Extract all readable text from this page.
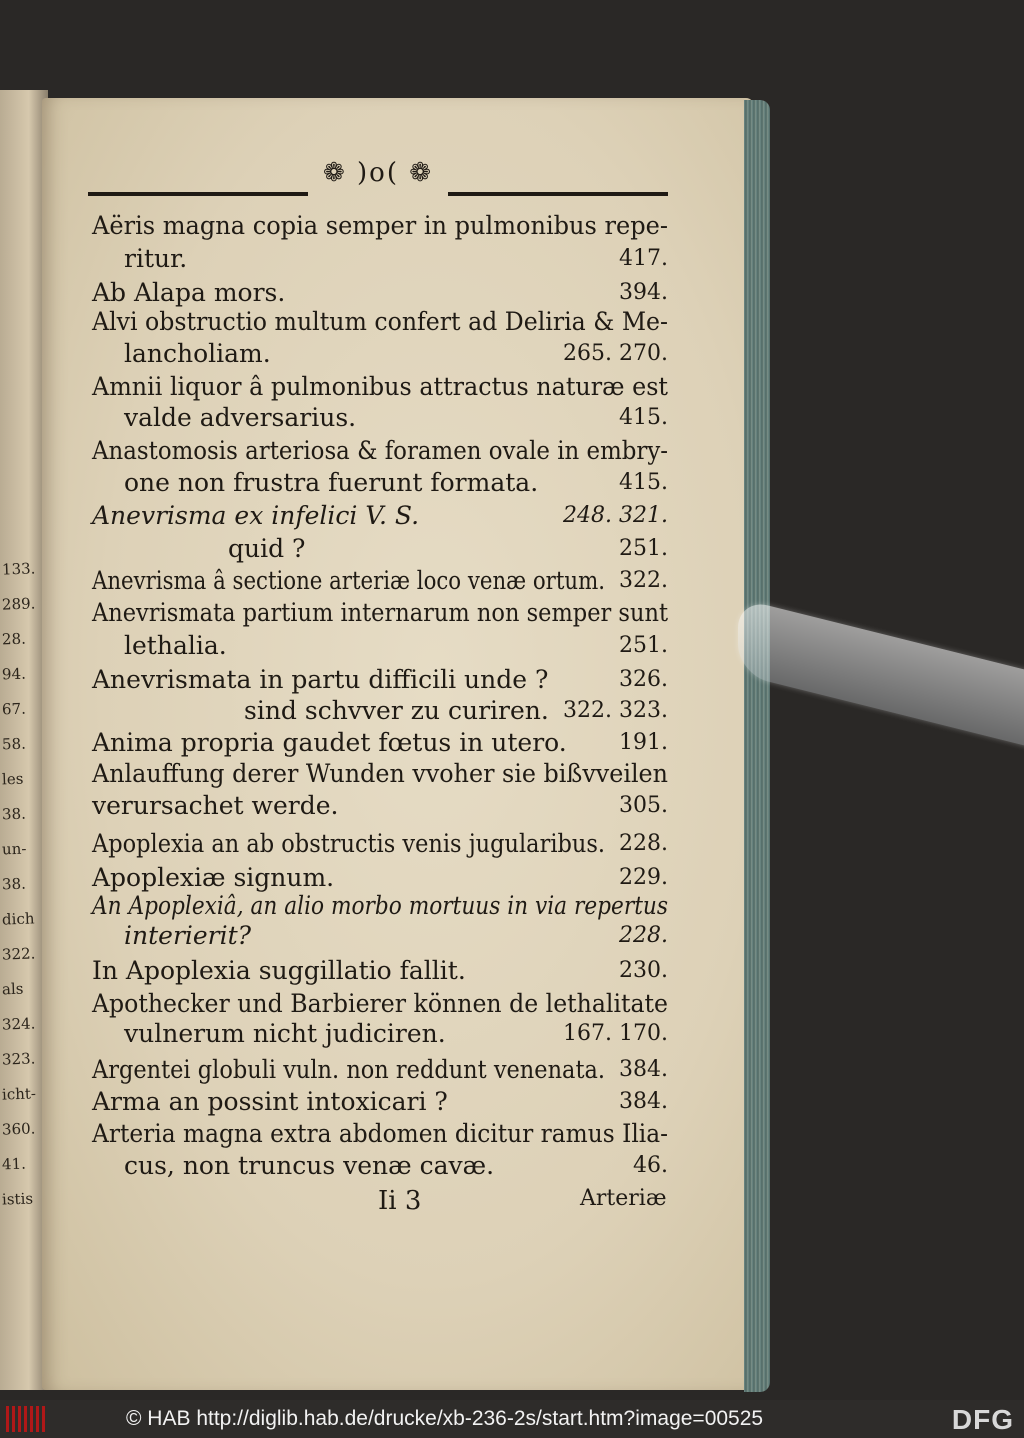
133.
289.
28.
94.
67.
58.
les
38.
un-
38.
dich
322.
als
324.
323.
icht-
360.
41.
istis
❁ )o( ❁
Aëris magna copia semper in pulmonibus repe-
ritur.	417.
Ab Alapa mors.	394.
Alvi obstructio multum confert ad Deliria & Me-
lancholiam.	265. 270.
Amnii liquor â pulmonibus attractus naturæ est
valde adversarius.	415.
Anastomosis arteriosa & foramen ovale in embry-
one non frustra fuerunt formata.	415.
Anevrisma ex infelici V. S.	248. 321.
quid ?	251.
Anevrisma â sectione arteriæ loco venæ ortum. 322.
Anevrismata partium internarum non semper sunt
lethalia.	251.
Anevrismata in partu difficili unde ?	326.
sind schvver zu curiren. 322. 323.
Anima propria gaudet fœtus in utero. 191.
Anlauffung derer Wunden vvoher sie bißvveilen
verursachet werde.	305.
Apoplexia an ab obstructis venis jugularibus. 228.
Apoplexiæ signum.	229.
An Apoplexiâ, an alio morbo mortuus in via repertus
interierit?	228.
In Apoplexia suggillatio fallit.	230.
Apothecker und Barbierer können de lethalitate
vulnerum nicht judiciren.	167. 170.
Argentei globuli vuln. non reddunt venenata. 384.
Arma an possint intoxicari ?	384.
Arteria magna extra abdomen dicitur ramus Ilia-
cus, non truncus venæ cavæ.	46.
Ii 3	Arteriæ
© HAB http://diglib.hab.de/drucke/xb-236-2s/start.htm?image=00525	DFG
